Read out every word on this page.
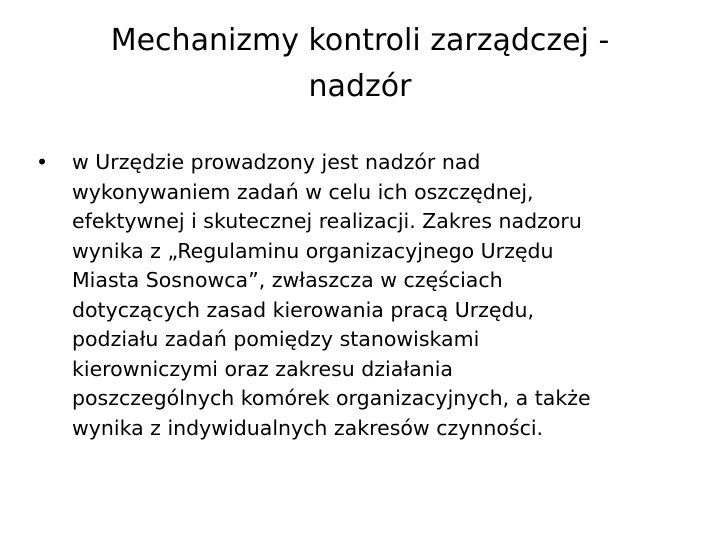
Mechanizmy kontroli zarządczej -
nadzór
•	w Urzędzie prowadzony jest nadzór nad
wykonywaniem zadań w celu ich oszczędnej,
efektywnej i skutecznej realizacji. Zakres nadzoru
wynika z „Regulaminu organizacyjnego Urzędu
Miasta Sosnowca”, zwłaszcza w częściach
dotyczących zasad kierowania pracą Urzędu,
podziału zadań pomiędzy stanowiskami
kierowniczymi oraz zakresu działania
poszczególnych komórek organizacyjnych, a także
wynika z indywidualnych zakresów czynności.
